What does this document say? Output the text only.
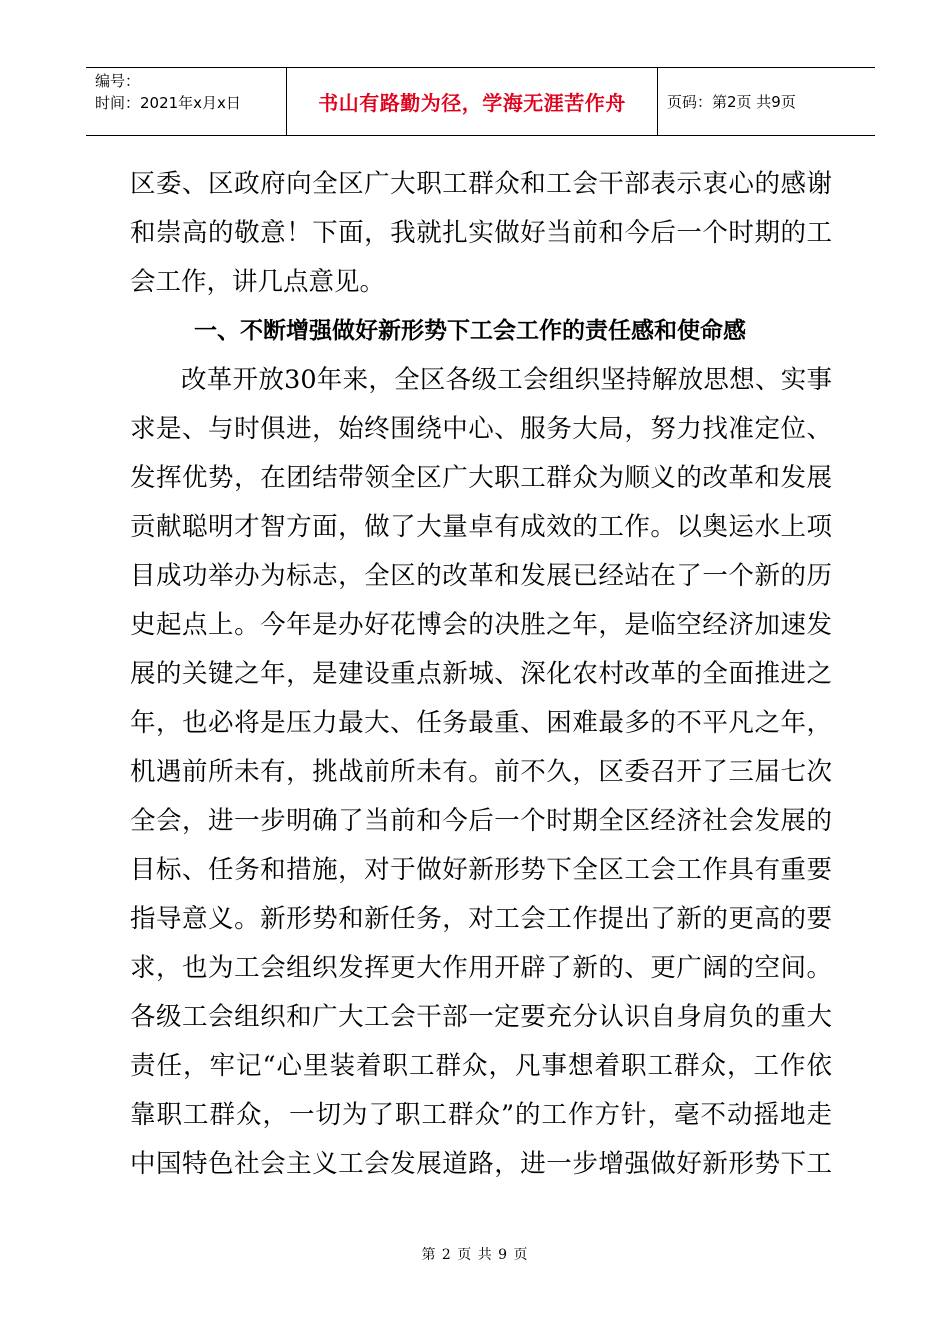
编号：
时间：2021年x月x日	书山有路勤为径，学海无涯苦作舟	页码：第2页 共9页
区委、区政府向全区广大职工群众和工会干部表示衷心的感谢
和崇高的敬意！下面，我就扎实做好当前和今后一个时期的工
会工作，讲几点意见。
一、不断增强做好新形势下工会工作的责任感和使命感
改革开放30年来，全区各级工会组织坚持解放思想、实事
求是、与时俱进，始终围绕中心、服务大局，努力找准定位、
发挥优势，在团结带领全区广大职工群众为顺义的改革和发展
贡献聪明才智方面，做了大量卓有成效的工作。以奥运水上项
目成功举办为标志，全区的改革和发展已经站在了一个新的历
史起点上。今年是办好花博会的决胜之年，是临空经济加速发
展的关键之年，是建设重点新城、深化农村改革的全面推进之
年，也必将是压力最大、任务最重、困难最多的不平凡之年，
机遇前所未有，挑战前所未有。前不久，区委召开了三届七次
全会，进一步明确了当前和今后一个时期全区经济社会发展的
目标、任务和措施，对于做好新形势下全区工会工作具有重要
指导意义。新形势和新任务，对工会工作提出了新的更高的要
求，也为工会组织发挥更大作用开辟了新的、更广阔的空间。
各级工会组织和广大工会干部一定要充分认识自身肩负的重大
责任，牢记“心里装着职工群众，凡事想着职工群众，工作依
靠职工群众，一切为了职工群众”的工作方针，毫不动摇地走
中国特色社会主义工会发展道路，进一步增强做好新形势下工
第 2 页 共 9 页
